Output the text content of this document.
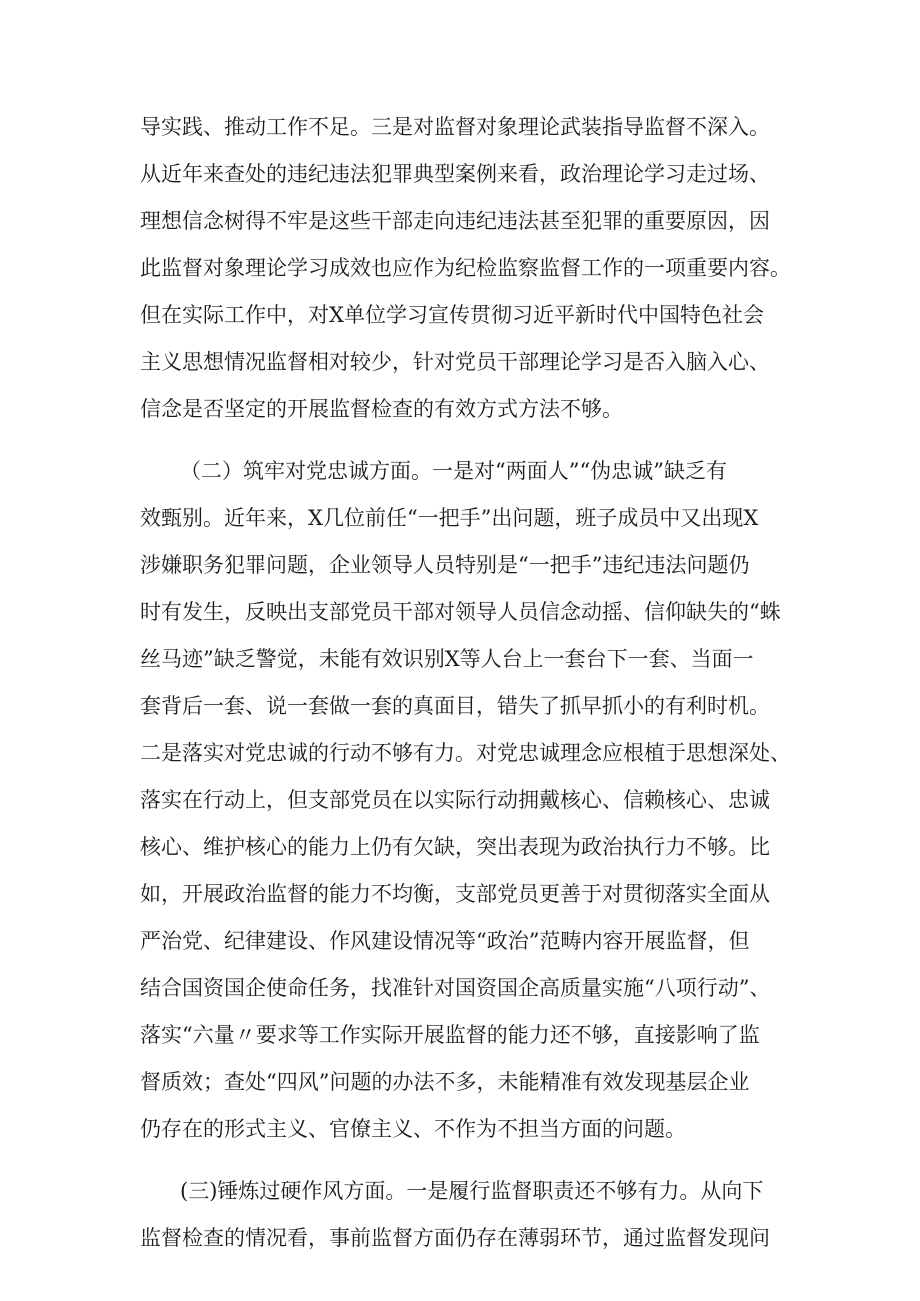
导实践、推动工作不足。三是对监督对象理论武装指导监督不深入。
从近年来查处的违纪违法犯罪典型案例来看，政治理论学习走过场、
理想信念树得不牢是这些干部走向违纪违法甚至犯罪的重要原因，因
此监督对象理论学习成效也应作为纪检监察监督工作的一项重要内容。
但在实际工作中，对X单位学习宣传贯彻习近平新时代中国特色社会
主义思想情况监督相对较少，针对党员干部理论学习是否入脑入心、
信念是否坚定的开展监督检查的有效方式方法不够。
（二）筑牢对党忠诚方面。一是对“两面人”“伪忠诚”缺乏有
效甄别。近年来，X几位前任“一把手”出问题，班子成员中又出现X
涉嫌职务犯罪问题，企业领导人员特别是“一把手”违纪违法问题仍
时有发生，反映出支部党员干部对领导人员信念动摇、信仰缺失的“蛛
丝马迹”缺乏警觉，未能有效识别X等人台上一套台下一套、当面一
套背后一套、说一套做一套的真面目，错失了抓早抓小的有利时机。
二是落实对党忠诚的行动不够有力。对党忠诚理念应根植于思想深处、
落实在行动上，但支部党员在以实际行动拥戴核心、信赖核心、忠诚
核心、维护核心的能力上仍有欠缺，突出表现为政治执行力不够。比
如，开展政治监督的能力不均衡，支部党员更善于对贯彻落实全面从
严治党、纪律建设、作风建设情况等“政治”范畴内容开展监督，但
结合国资国企使命任务，找准针对国资国企高质量实施“八项行动”、
落实“六量〃要求等工作实际开展监督的能力还不够，直接影响了监
督质效；查处“四风”问题的办法不多，未能精准有效发现基层企业
仍存在的形式主义、官僚主义、不作为不担当方面的问题。
(三)锤炼过硬作风方面。一是履行监督职责还不够有力。从向下
监督检查的情况看，事前监督方面仍存在薄弱环节，通过监督发现问
